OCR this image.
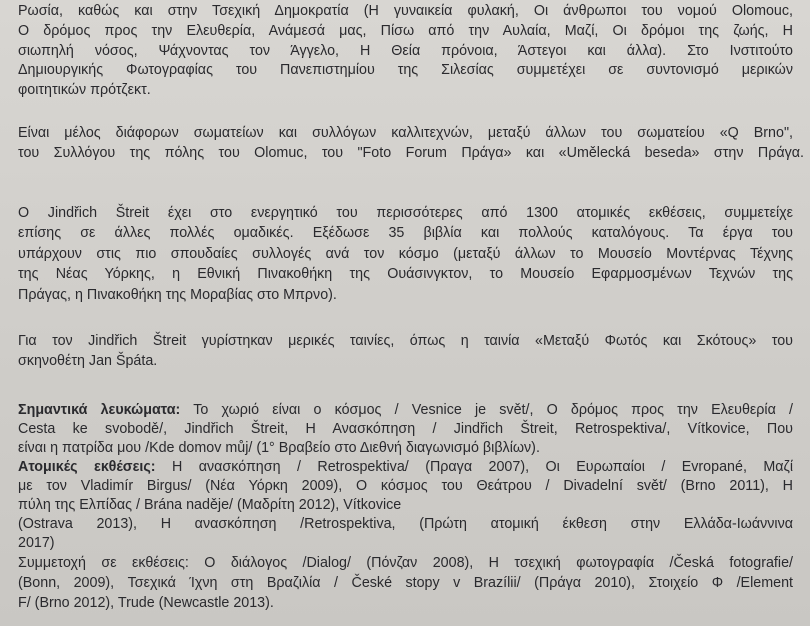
Ρωσία, καθώς και στην Τσεχική Δημοκρατία (Η γυναικεία φυλακή, Οι άνθρωποι του νομού Olomouc,
Ο δρόμος προς την Ελευθερία, Ανάμεσά μας, Πίσω από την Αυλαία, Μαζί, Οι δρόμοι της ζωής, Η
σιωπηλή νόσος, Ψάχνοντας τον Άγγελο, Η Θεία πρόνοια, Άστεγοι και άλλα). Στο Ινστιτούτο
Δημιουργικής Φωτογραφίας του Πανεπιστημίου της Σιλεσίας συμμετέχει σε συντονισμό μερικών
φοιτητικών πρότζεκτ.
Είναι μέλος διάφορων σωματείων και συλλόγων καλλιτεχνών, μεταξύ άλλων του σωματείου «Q Brno",
του Συλλόγου της πόλης του Olomuc, του "Foto Forum Πράγα» και «Umělecká beseda» στην Πράγα.
Ο Jindřich Štreit έχει στο ενεργητικό του περισσότερες από 1300 ατομικές εκθέσεις, συμμετείχε
επίσης σε άλλες πολλές ομαδικές. Εξέδωσε 35 βιβλία και πολλούς καταλόγους. Τα έργα του
υπάρχουν στις πιο σπουδαίες συλλογές ανά τον κόσμο (μεταξύ άλλων το Μουσείο Μοντέρνας Τέχνης
της Νέας Υόρκης, η Εθνική Πινακοθήκη της Ουάσινγκτον, το Μουσείο Εφαρμοσμένων Τεχνών της
Πράγας, η Πινακοθήκη της Μοραβίας στο Μπρνο).
Για τον Jindřich Štreit γυρίστηκαν μερικές ταινίες, όπως η ταινία «Μεταξύ Φωτός και Σκότους» του
σκηνοθέτη Jan Špáta.
Σημαντικά λευκώματα: Το χωριό είναι ο κόσμος / Vesnice je svět/, Ο δρόμος προς την Ελευθερία /
Cesta ke svobodě/, Jindřich Štreit, Η Ανασκόπηση / Jindřich Štreit, Retrospektiva/, Vítkovice, Που
είναι η πατρίδα μου /Kde domov můj/ (1° Βραβείο στο Διεθνή διαγωνισμό βιβλίων).
Ατομικές εκθέσεις: Η ανασκόπηση / Retrospektiva/ (Πραγα 2007), Οι Ευρωπαίοι / Evropané, Μαζί
με τον Vladimír Birgus/ (Νέα Υόρκη 2009), Ο κόσμος του Θεάτρου / Divadelní svět/ (Brno 2011), Η
πύλη της Ελπίδας / Brána naděje/ (Μαδρίτη 2012), Vítkovice
(Ostrava 2013), Η ανασκόπηση /Retrospektiva, (Πρώτη ατομική έκθεση στην Ελλάδα-Ιωάννινα
2017)
Συμμετοχή σε εκθέσεις: Ο διάλογος /Dialog/ (Πόνζαν 2008), Η τσεχική φωτογραφία /Česká fotografie/
(Bonn, 2009), Τσεχικά Ίχνη στη Βραζιλία / České stopy v Brazílii/ (Πράγα 2010), Στοιχείο Φ /Element
F/ (Brno 2012), Trude (Newcastle 2013).
